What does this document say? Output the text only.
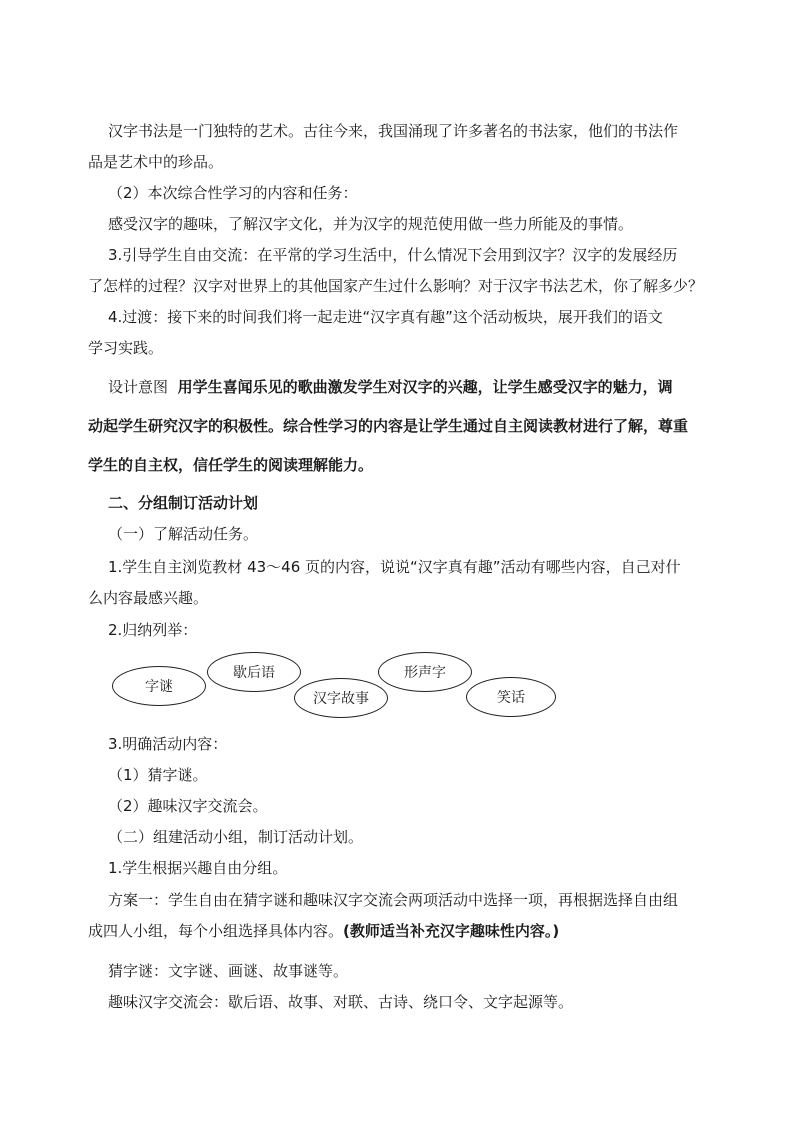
汉字书法是一门独特的艺术。古往今来，我国涌现了许多著名的书法家，他们的书法作

品是艺术中的珍品。

（2）本次综合性学习的内容和任务：

感受汉字的趣味，了解汉字文化，并为汉字的规范使用做一些力所能及的事情。

3.引导学生自由交流：在平常的学习生活中，什么情况下会用到汉字？汉字的发展经历

了怎样的过程？汉字对世界上的其他国家产生过什么影响？对于汉字书法艺术，你了解多少？

4.过渡：接下来的时间我们将一起走进“汉字真有趣”这个活动板块，展开我们的语文

学习实践。

设计意图 用学生喜闻乐见的歌曲激发学生对汉字的兴趣，让学生感受汉字的魅力，调

动起学生研究汉字的积极性。综合性学习的内容是让学生通过自主阅读教材进行了解，尊重

学生的自主权，信任学生的阅读理解能力。

二、分组制订活动计划

（一）了解活动任务。

1.学生自主浏览教材 43～46 页的内容，说说“汉字真有趣”活动有哪些内容，自己对什

么内容最感兴趣。

2.归纳列举：

字谜
歇后语
汉字故事
形声字
笑话

3.明确活动内容：

（1）猜字谜。

（2）趣味汉字交流会。

（二）组建活动小组，制订活动计划。

1.学生根据兴趣自由分组。

方案一：学生自由在猜字谜和趣味汉字交流会两项活动中选择一项，再根据选择自由组

成四人小组，每个小组选择具体内容。(教师适当补充汉字趣味性内容。)

猜字谜：文字谜、画谜、故事谜等。

趣味汉字交流会：歇后语、故事、对联、古诗、绕口令、文字起源等。
